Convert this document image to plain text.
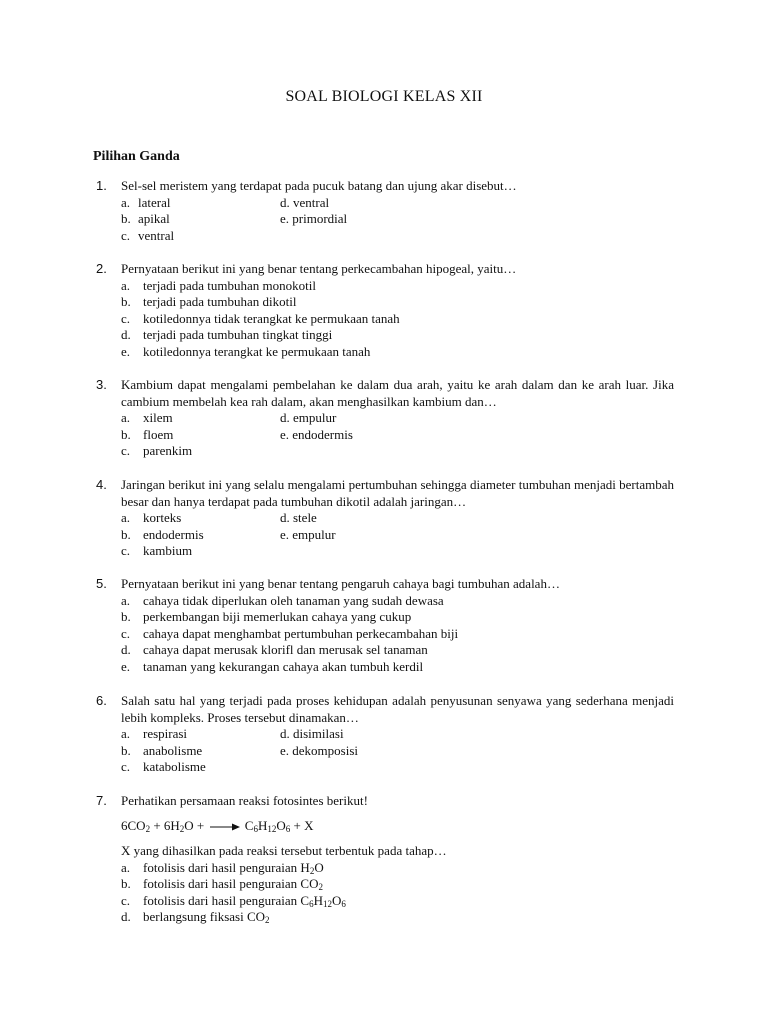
SOAL BIOLOGI KELAS XII
Pilihan Ganda
1.	Sel-sel meristem yang terdapat pada pucuk batang dan ujung akar disebut…
a. lateral	d. ventral
b. apikal	e. primordial
c. ventral
2.	Pernyataan berikut ini yang benar tentang perkecambahan hipogeal, yaitu…
a. terjadi pada tumbuhan monokotil
b. terjadi pada tumbuhan dikotil
c. kotiledonnya tidak terangkat ke permukaan tanah
d. terjadi pada tumbuhan tingkat tinggi
e. kotiledonnya terangkat ke permukaan tanah
3.	Kambium dapat mengalami pembelahan ke dalam dua arah, yaitu ke arah dalam dan ke arah luar. Jika cambium membelah kea rah dalam, akan menghasilkan kambium dan…
a. xilem	d. empulur
b. floem	e. endodermis
c. parenkim
4.	Jaringan berikut ini yang selalu mengalami pertumbuhan sehingga diameter tumbuhan menjadi bertambah besar dan hanya terdapat pada tumbuhan dikotil adalah jaringan…
a. korteks	d. stele
b. endodermis	e. empulur
c. kambium
5.	Pernyataan berikut ini yang benar tentang pengaruh cahaya bagi tumbuhan adalah…
a. cahaya tidak diperlukan oleh tanaman yang sudah dewasa
b. perkembangan biji memerlukan cahaya yang cukup
c. cahaya dapat menghambat pertumbuhan perkecambahan biji
d. cahaya dapat merusak klorifl dan merusak sel tanaman
e. tanaman yang kekurangan cahaya akan tumbuh kerdil
6.	Salah satu hal yang terjadi pada proses kehidupan adalah penyusunan senyawa yang sederhana menjadi lebih kompleks. Proses tersebut dinamakan…
a. respirasi	d. disimilasi
b. anabolisme	e. dekomposisi
c. katabolisme
7.	Perhatikan persamaan reaksi fotosintes berikut!
$6CO_2 + 6H_2O$ + → $C_6H_{12}O_6 + X$
X yang dihasilkan pada reaksi tersebut terbentuk pada tahap…
a. fotolisis dari hasil penguraian $H_2O$
b. fotolisis dari hasil penguraian $CO_2$
c. fotolisis dari hasil penguraian $C_6H_{12}O_6$
d. berlangsung fiksasi $CO_2$
